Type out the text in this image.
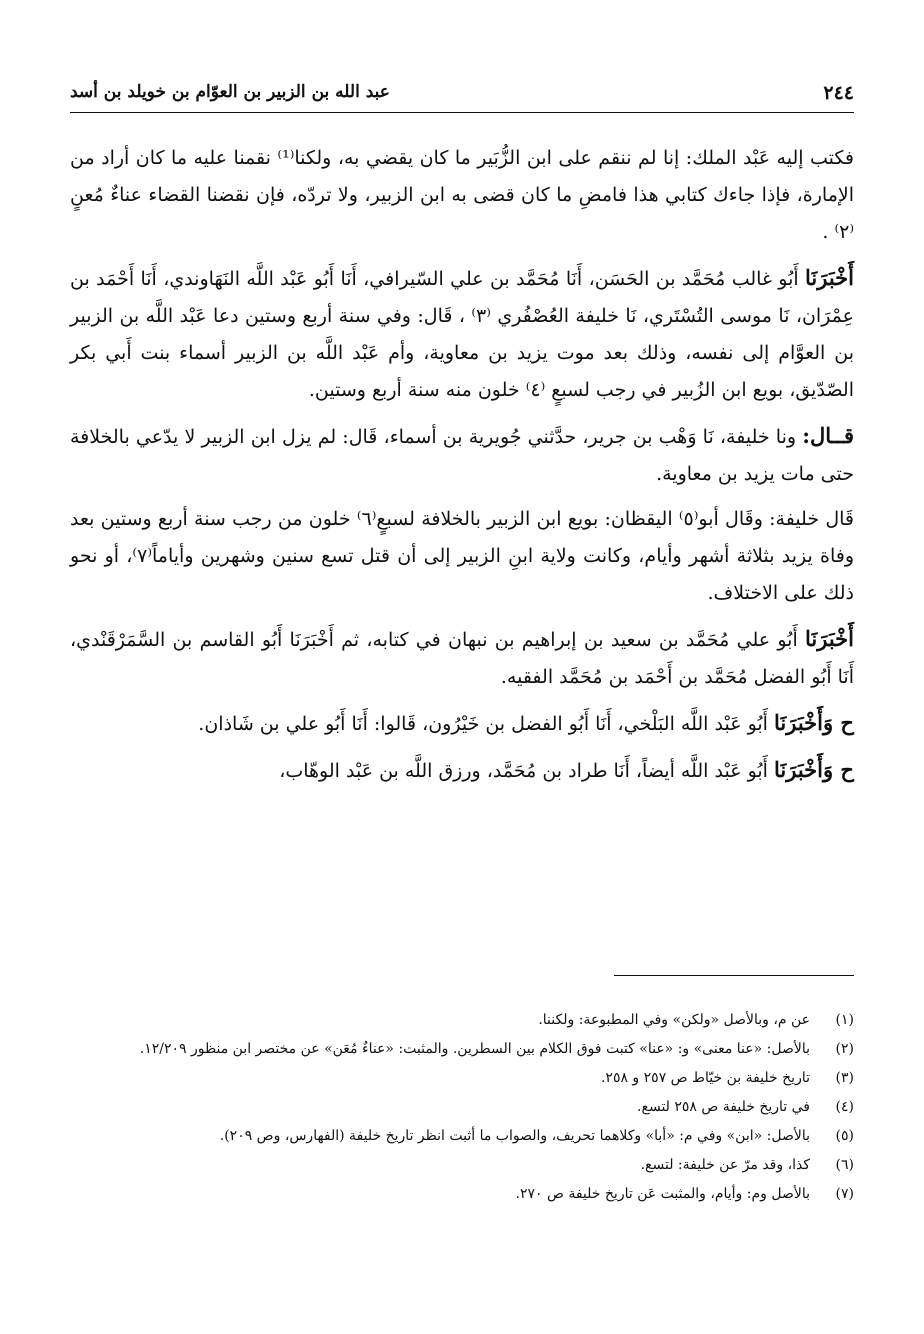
٢٤٤
عبد الله بن الزبير بن العوّام بن خويلد بن أسد

فكتب إليه عَبْد الملك: إنا لم ننقم على ابن الزُّبَير ما كان يقضي به، ولكنا⁽¹⁾ نقمنا عليه ما كان أراد من الإمارة، فإذا جاءك كتابي هذا فامضِ ما كان قضى به ابن الزبير، ولا تردّه، فإن نقضنا القضاء عناءٌ مُعنٍ ⁽٢⁾ .

أَخْبَرَنَا أَبُو غالب مُحَمَّد بن الحَسَن، أَنَا مُحَمَّد بن علي السّيرافي، أَنَا أَبُو عَبْد اللَّه النَهَاوندي، أَنَا أَحْمَد بن عِمْرَان، نَا موسى التُسْتَري، نَا خليفة العُصْفُري ⁽٣⁾ ، قَال: وفي سنة أربع وستين دعا عَبْد اللَّه بن الزبير بن العوَّام إلى نفسه، وذلك بعد موت يزيد بن معاوية، وأم عَبْد اللَّه بن الزبير أسماء بنت أَبي بكر الصّدّيق، بويع ابن الزُبير في رجب لسبعٍ ⁽٤⁾ خلون منه سنة أربع وستين.

قــال: ونا خليفة، نَا وَهْب بن جرير، حدَّثني جُويرية بن أسماء، قَال: لم يزل ابن الزبير لا يدّعي بالخلافة حتى مات يزيد بن معاوية.

قَال خليفة: وقَال أبو⁽٥⁾ اليقظان: بويع ابن الزبير بالخلافة لسبعٍ⁽٦⁾ خلون من رجب سنة أربع وستين بعد وفاة يزيد بثلاثة أشهر وأيام، وكانت ولاية ابنِ الزبير إلى أن قتل تسع سنين وشهرين وأياماً⁽٧⁾، أو نحو ذلك على الاختلاف.

أَخْبَرَنَا أَبُو علي مُحَمَّد بن سعيد بن إبراهيم بن نبهان في كتابه، ثم أَخْبَرَنَا أَبُو القاسم بن السَّمَرْقَنْدي، أَنَا أَبُو الفضل مُحَمَّد بن أَحْمَد بن مُحَمَّد الفقيه.

ح وَأَخْبَرَنَا أَبُو عَبْد اللَّه البَلْخي، أَنَا أَبُو الفضل بن خَيْرُون، قَالوا: أَنَا أَبُو علي بن شَاذان.

ح وَأَخْبَرَنَا أَبُو عَبْد اللَّه أيضاً، أَنَا طراد بن مُحَمَّد، ورزق اللَّه بن عَبْد الوهّاب،

(١)
عن م، وبالأصل «ولكن» وفي المطبوعة: ولكننا.
(٢)
بالأصل: «عنا معنى» و: «عنا» كتبت فوق الكلام بين السطرين. والمثبت: «عناءٌ مُعَن» عن مختصر ابن منظور ١٢/٢٠٩.
(٣)
تاريخ خليفة بن خيّاط ص ٢٥٧ و ٢٥٨.
(٤)
في تاريخ خليفة ص ٢٥٨ لتسع.
(٥)
بالأصل: «ابن» وفي م: «أبا» وكلاهما تحريف، والصواب ما أثبت انظر تاريخ خليفة (الفهارس، وص ٢٠٩).
(٦)
كذا، وقد مرّ عن خليفة: لتسع.
(٧)
بالأصل وم: وأيام، والمثبت عَن تاريخ خليفة ص ٢٧٠.
